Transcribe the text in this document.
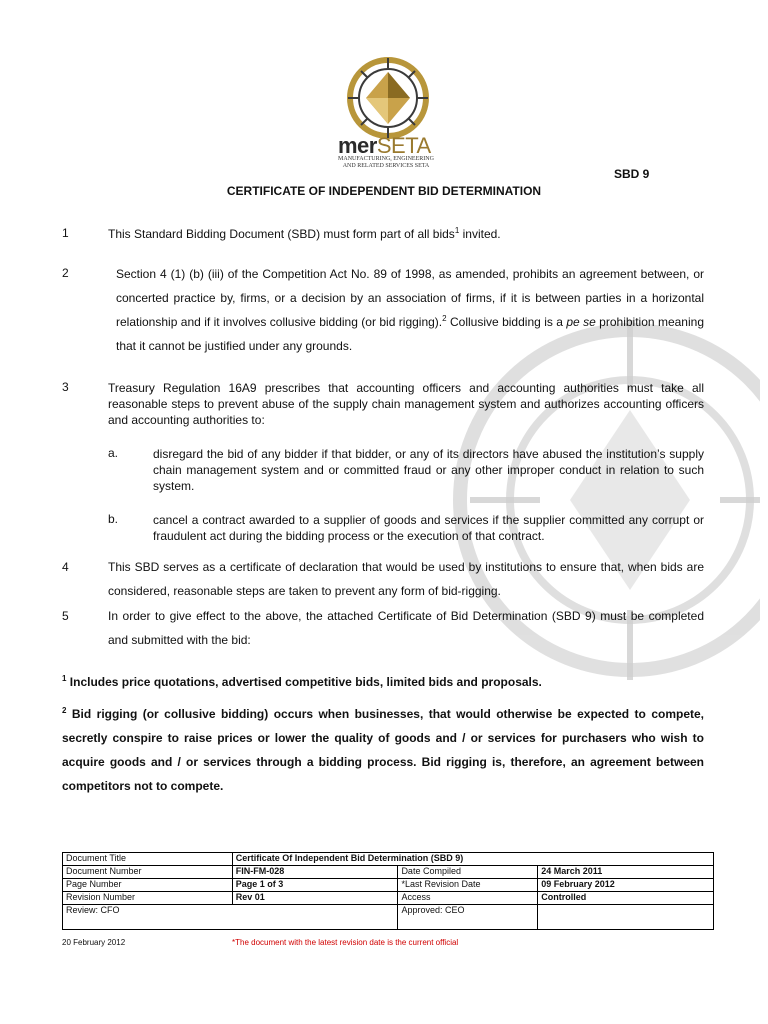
merSETA
MANUFACTURING, ENGINEERING
AND RELATED SERVICES SETA
SBD 9
CERTIFICATE OF INDEPENDENT BID DETERMINATION
1	This Standard Bidding Document (SBD) must form part of all bids$^1$ invited.
2	Section 4 (1) (b) (iii) of the Competition Act No. 89 of 1998, as amended, prohibits an agreement between, or concerted practice by, firms, or a decision by an association of firms, if it is between parties in a horizontal relationship and if it involves collusive bidding (or bid rigging).$^2$ Collusive bidding is a pe se prohibition meaning that it cannot be justified under any grounds.
3	Treasury Regulation 16A9 prescribes that accounting officers and accounting authorities must take all reasonable steps to prevent abuse of the supply chain management system and authorizes accounting officers and accounting authorities to:
a.	disregard the bid of any bidder if that bidder, or any of its directors have abused the institution’s supply chain management system and or committed fraud or any other improper conduct in relation to such system.
b.	cancel a contract awarded to a supplier of goods and services if the supplier committed any corrupt or fraudulent act during the bidding process or the execution of that contract.
4	This SBD serves as a certificate of declaration that would be used by institutions to ensure that, when bids are considered, reasonable steps are taken to prevent any form of bid-rigging.
5	In order to give effect to the above, the attached Certificate of Bid Determination (SBD 9) must be completed and submitted with the bid:
$^1$ Includes price quotations, advertised competitive bids, limited bids and proposals.
$^2$ Bid rigging (or collusive bidding) occurs when businesses, that would otherwise be expected to compete, secretly conspire to raise prices or lower the quality of goods and / or services for purchasers who wish to acquire goods and / or services through a bidding process. Bid rigging is, therefore, an agreement between competitors not to compete.
Document Title	Certificate Of Independent Bid Determination (SBD 9)		
Document Number	FIN-FM-028	Date Compiled	24 March 2011
Page Number	Page 1 of 3	*Last Revision Date	09 February 2012
Revision Number	Rev 01	Access	Controlled
Review: CFO		Approved: CEO	
20 February 2012	*The document with the latest revision date is the current official
